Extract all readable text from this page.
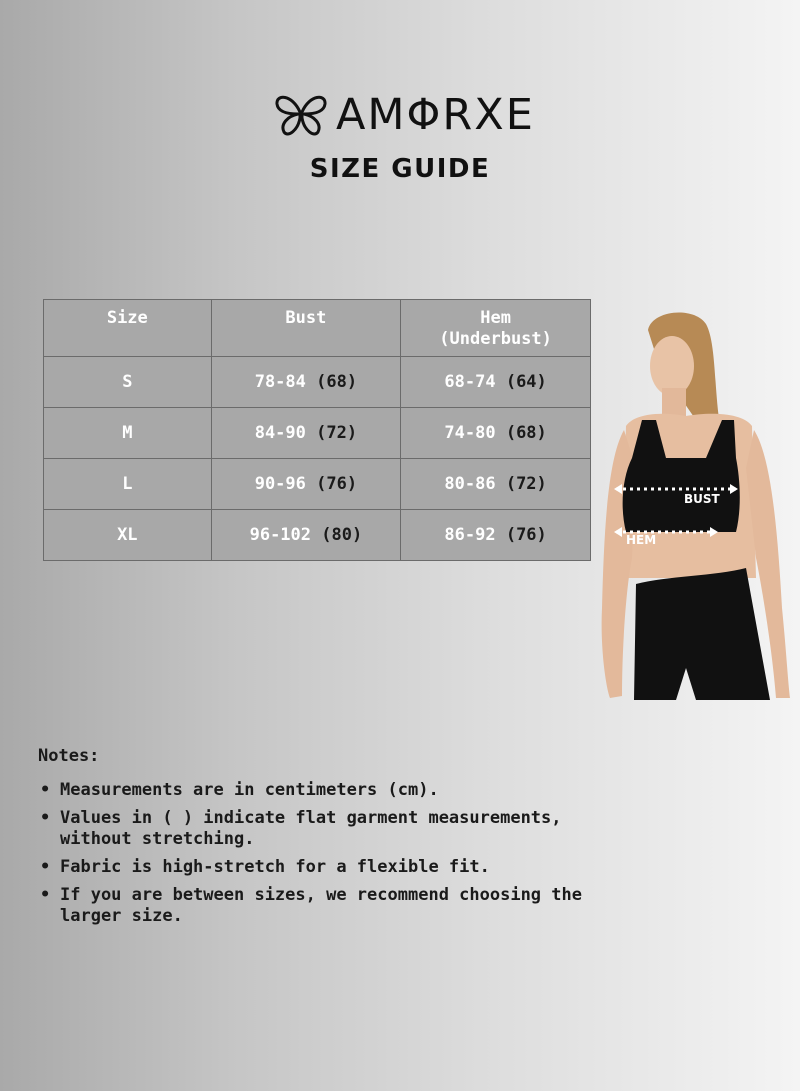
AMΦRXE
SIZE GUIDE
Size	Bust	Hem
(Underbust)
S	78-84 (68)	68-74 (64)
M	84-90 (72)	74-80 (68)
L	90-96 (76)	80-86 (72)
XL	96-102 (80)	86-92 (76)
BUST
HEM
Notes:
• Measurements are in centimeters (cm).
• Values in ( ) indicate flat garment measurements, without stretching.
• Fabric is high-stretch for a flexible fit.
• If you are between sizes, we recommend choosing the larger size.
